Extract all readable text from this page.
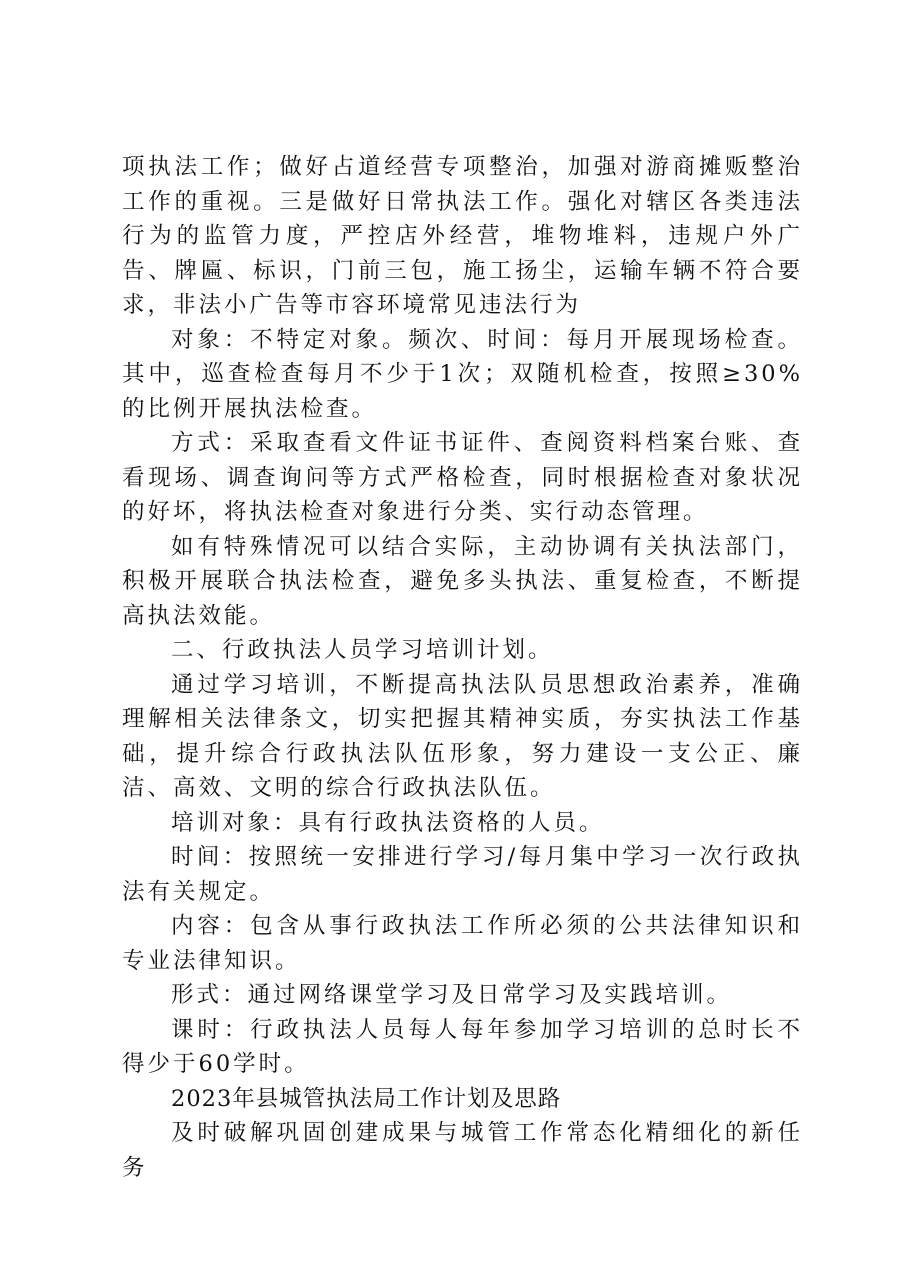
项执法工作；做好占道经营专项整治，加强对游商摊贩整治工作的重视。三是做好日常执法工作。强化对辖区各类违法行为的监管力度，严控店外经营，堆物堆料，违规户外广告、牌匾、标识，门前三包，施工扬尘，运输车辆不符合要求，非法小广告等市容环境常见违法行为

对象：不特定对象。频次、时间：每月开展现场检查。其中，巡查检查每月不少于1次；双随机检查，按照≥30%的比例开展执法检查。

方式：采取查看文件证书证件、查阅资料档案台账、查看现场、调查询问等方式严格检查，同时根据检查对象状况的好坏，将执法检查对象进行分类、实行动态管理。

如有特殊情况可以结合实际，主动协调有关执法部门，积极开展联合执法检查，避免多头执法、重复检查，不断提高执法效能。

二、行政执法人员学习培训计划。

通过学习培训，不断提高执法队员思想政治素养，准确理解相关法律条文，切实把握其精神实质，夯实执法工作基础，提升综合行政执法队伍形象，努力建设一支公正、廉洁、高效、文明的综合行政执法队伍。

培训对象：具有行政执法资格的人员。

时间：按照统一安排进行学习/每月集中学习一次行政执法有关规定。

内容：包含从事行政执法工作所必须的公共法律知识和专业法律知识。

形式：通过网络课堂学习及日常学习及实践培训。

课时：行政执法人员每人每年参加学习培训的总时长不得少于60学时。

2023年县城管执法局工作计划及思路

及时破解巩固创建成果与城管工作常态化精细化的新任务
